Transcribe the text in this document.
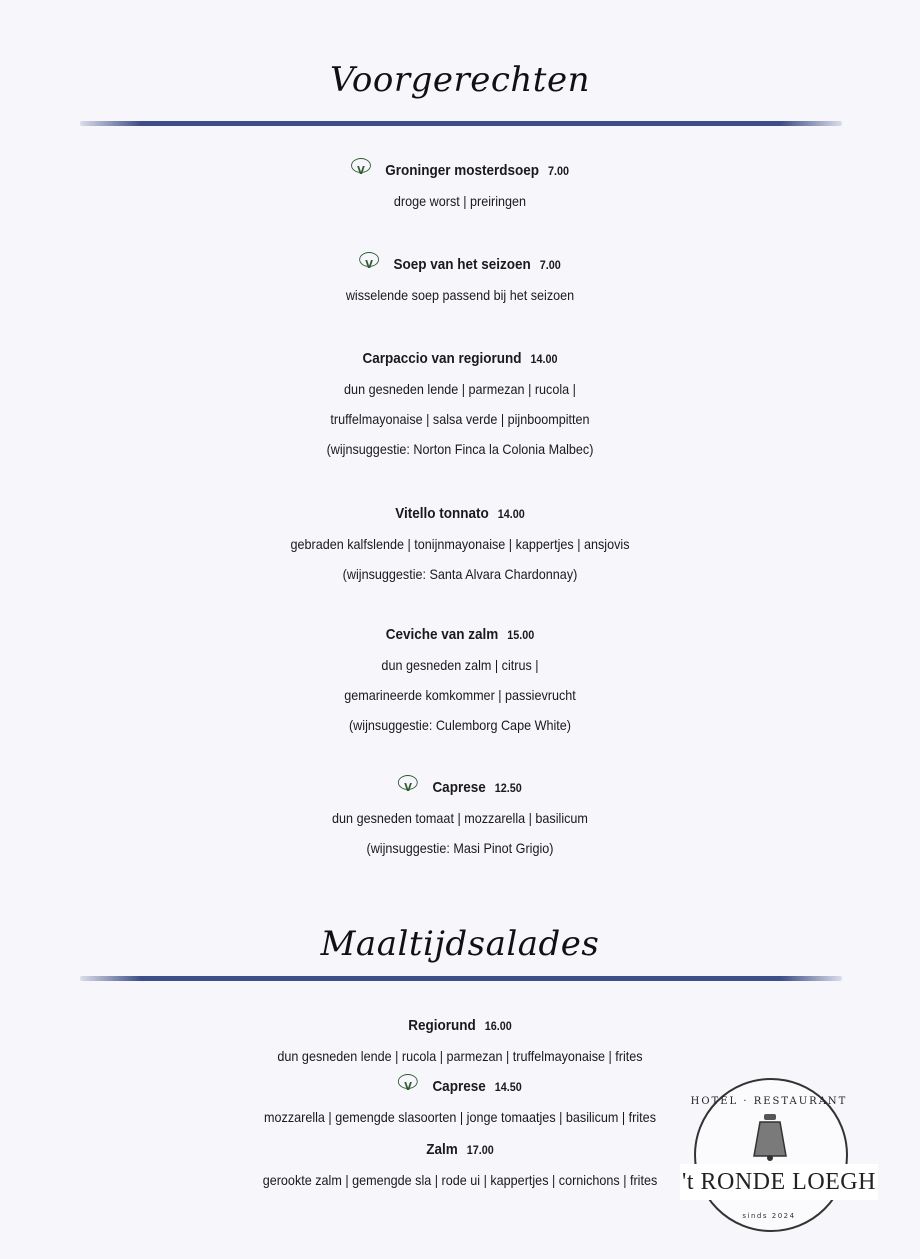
Voorgerechten
VGroninger mosterdsoep 7.00
droge worst | preiringen
VSoep van het seizoen 7.00
wisselende soep passend bij het seizoen
Carpaccio van regiorund 14.00
dun gesneden lende | parmezan | rucola |
truffelmayonaise | salsa verde | pijnboompitten
(wijnsuggestie: Norton Finca la Colonia Malbec)
Vitello tonnato 14.00
gebraden kalfslende | tonijnmayonaise | kappertjes | ansjovis
(wijnsuggestie: Santa Alvara Chardonnay)
Ceviche van zalm 15.00
dun gesneden zalm | citrus |
gemarineerde komkommer | passievrucht
(wijnsuggestie: Culemborg Cape White)
VCaprese 12.50
dun gesneden tomaat | mozzarella | basilicum
(wijnsuggestie: Masi Pinot Grigio)
Maaltijdsalades
Regiorund 16.00
dun gesneden lende | rucola | parmezan | truffelmayonaise | frites
VCaprese 14.50
mozzarella | gemengde slasoorten | jonge tomaatjes | basilicum | frites
Zalm 17.00
gerookte zalm | gemengde sla | rode ui | kappertjes | cornichons | frites
HOTEL · RESTAURANT
't RONDE LOEGH
sinds 2024
